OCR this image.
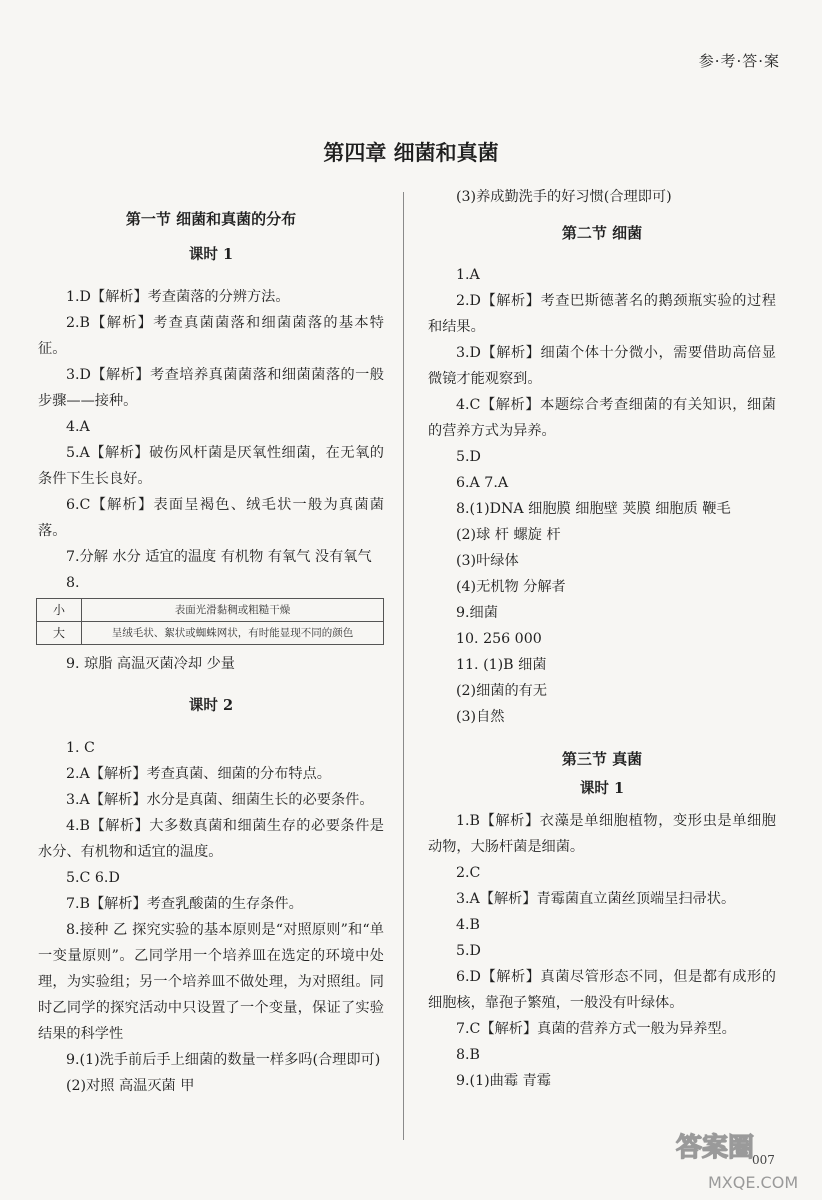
参·考·答·案
第四章 细菌和真菌
第一节 细菌和真菌的分布
课时 1

1.D【解析】考查菌落的分辨方法。

2.B【解析】考查真菌菌落和细菌菌落的基本特征。

3.D【解析】考查培养真菌菌落和细菌菌落的一般步骤——接种。

4.A

5.A【解析】破伤风杆菌是厌氧性细菌，在无氧的条件下生长良好。

6.C【解析】表面呈褐色、绒毛状一般为真菌菌落。

7.分解 水分 适宜的温度 有机物 有氧气 没有氧气

8.

小	表面光滑黏稠或粗糙干燥
大	呈绒毛状、絮状或蜘蛛网状，有时能显现不同的颜色

9. 琼脂 高温灭菌冷却 少量

课时 2

1. C

2.A【解析】考查真菌、细菌的分布特点。

3.A【解析】水分是真菌、细菌生长的必要条件。

4.B【解析】大多数真菌和细菌生存的必要条件是水分、有机物和适宜的温度。

5.C 6.D

7.B【解析】考查乳酸菌的生存条件。

8.接种 乙 探究实验的基本原则是“对照原则”和“单一变量原则”。乙同学用一个培养皿在选定的环境中处理，为实验组；另一个培养皿不做处理，为对照组。同时乙同学的探究活动中只设置了一个变量，保证了实验结果的科学性

9.(1)洗手前后手上细菌的数量一样多吗(合理即可)

(2)对照 高温灭菌 甲

(3)养成勤洗手的好习惯(合理即可)

第二节 细菌

1.A

2.D【解析】考查巴斯德著名的鹅颈瓶实验的过程和结果。

3.D【解析】细菌个体十分微小，需要借助高倍显微镜才能观察到。

4.C【解析】本题综合考查细菌的有关知识，细菌的营养方式为异养。

5.D

6.A 7.A

8.(1)DNA 细胞膜 细胞壁 荚膜 细胞质 鞭毛

(2)球 杆 螺旋 杆

(3)叶绿体

(4)无机物 分解者

9.细菌

10. 256 000

11. (1)B 细菌

(2)细菌的有无

(3)自然

第三节 真菌
课时 1

1.B【解析】衣藻是单细胞植物，变形虫是单细胞动物，大肠杆菌是细菌。

2.C

3.A【解析】青霉菌直立菌丝顶端呈扫帚状。

4.B

5.D

6.D【解析】真菌尽管形态不同，但是都有成形的细胞核，靠孢子繁殖，一般没有叶绿体。

7.C【解析】真菌的营养方式一般为异养型。

8.B

9.(1)曲霉 青霉

007
答案圈
MXQE.COM
